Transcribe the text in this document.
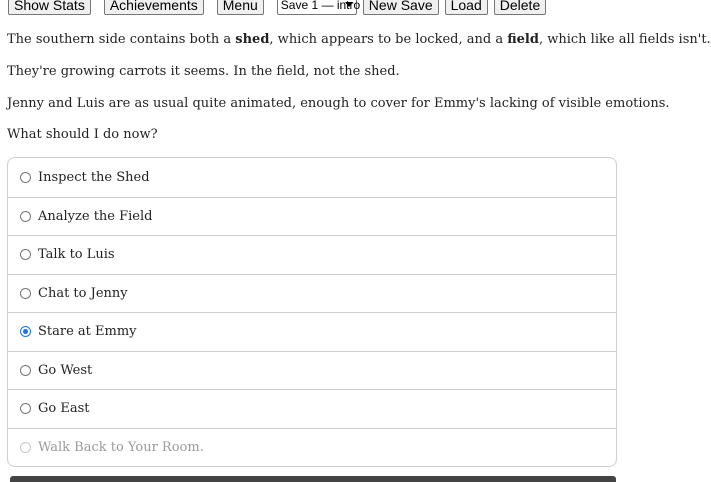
Show Stats	Achievements	Menu	Save 1 — intro New Save	Load	Delete

The southern side contains both a shed, which appears to be locked, and a field, which like all fields isn't.

They're growing carrots it seems. In the field, not the shed.

Jenny and Luis are as usual quite animated, enough to cover for Emmy's lacking of visible emotions.

What should I do now?

Inspect the Shed
Analyze the Field
Talk to Luis
Chat to Jenny
Stare at Emmy
Go West
Go East
Walk Back to Your Room.
